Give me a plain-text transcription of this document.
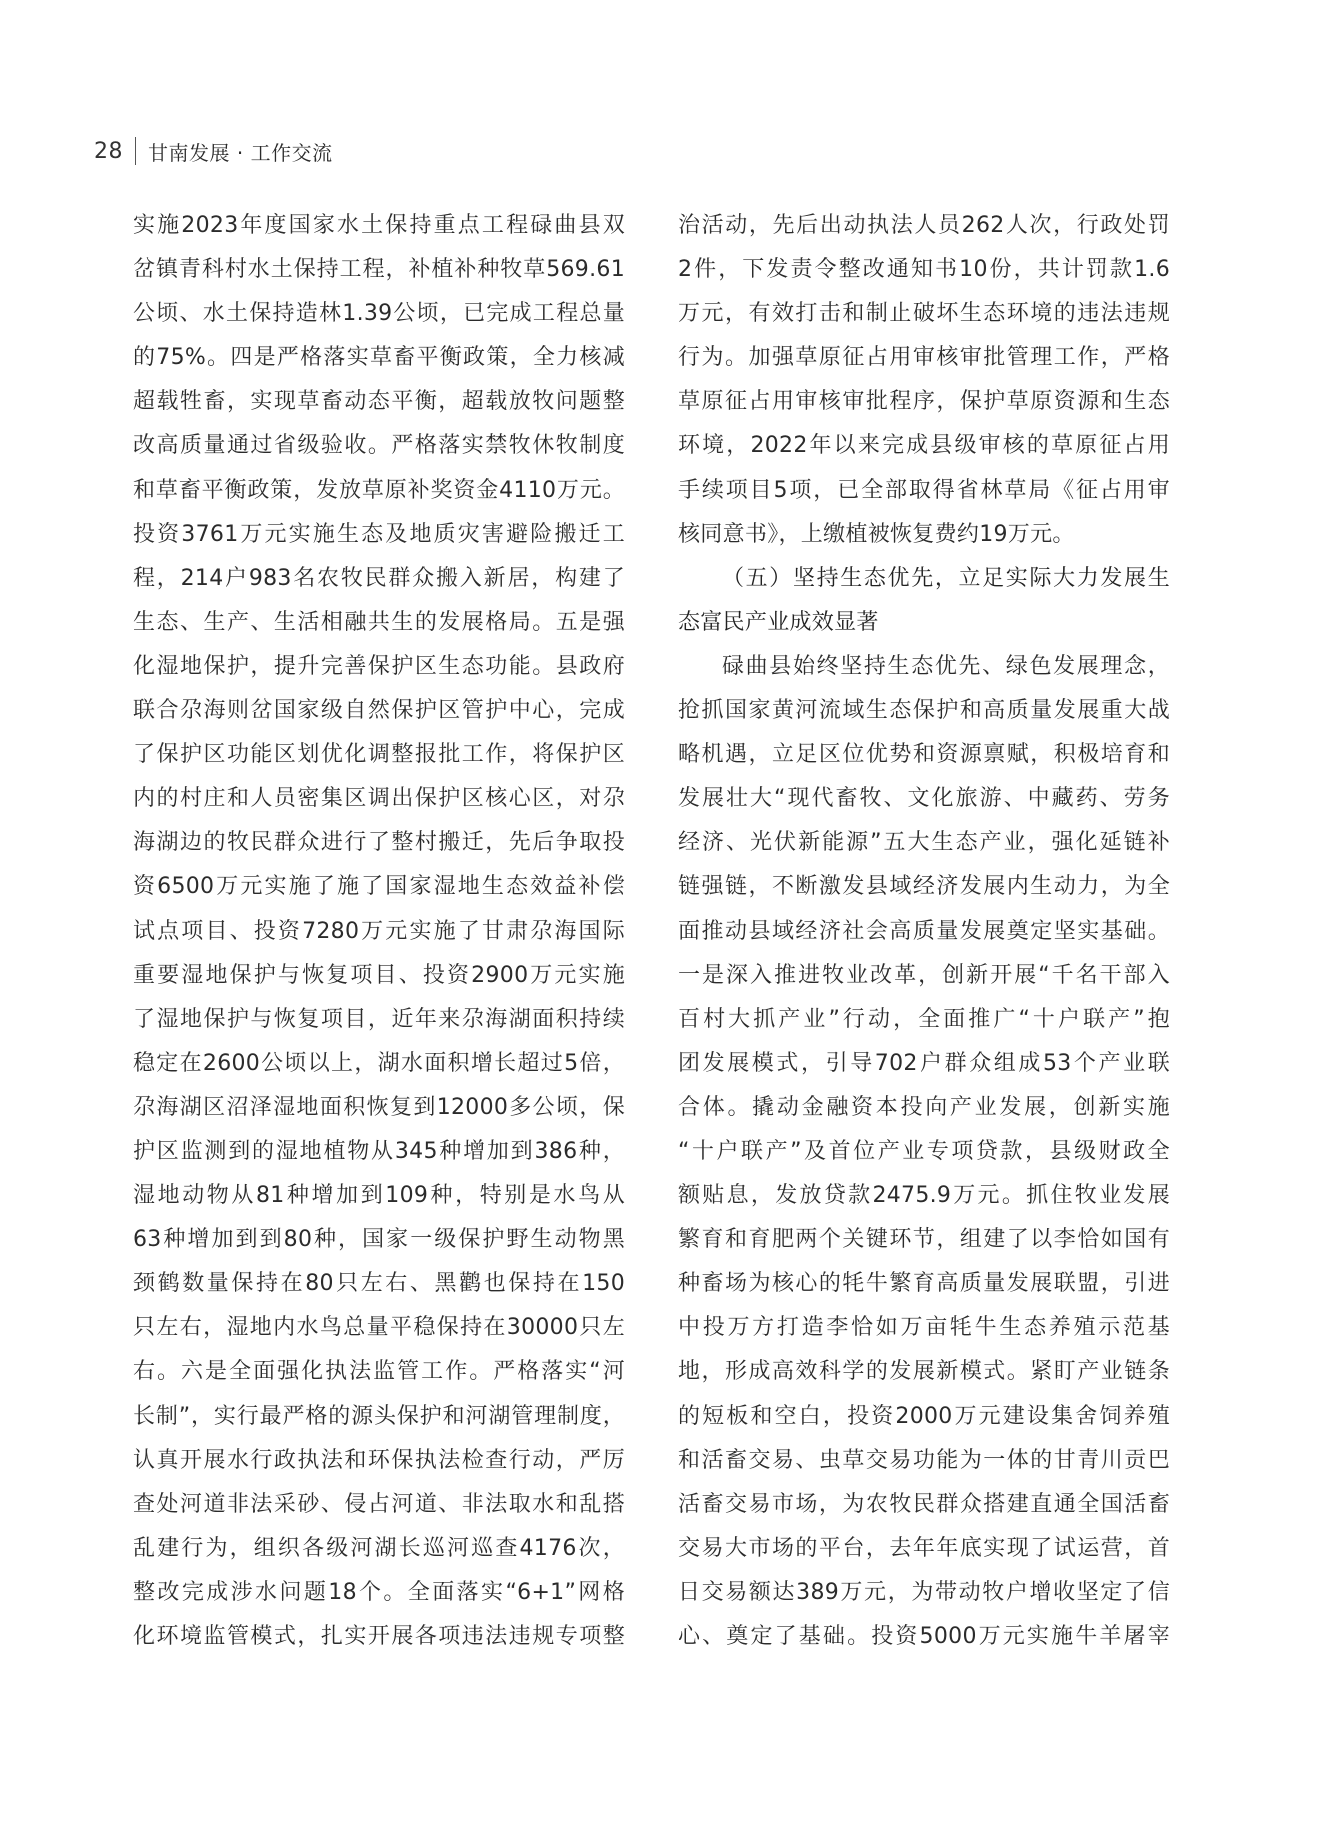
28 甘南发展 · 工作交流
实施2023年度国家水土保持重点工程碌曲县双
岔镇青科村水土保持工程，补植补种牧草569.61
公顷、水土保持造林1.39公顷，已完成工程总量
的75%。四是严格落实草畜平衡政策，全力核减
超载牲畜，实现草畜动态平衡，超载放牧问题整
改高质量通过省级验收。严格落实禁牧休牧制度
和草畜平衡政策，发放草原补奖资金4110万元。
投资3761万元实施生态及地质灾害避险搬迁工
程，214户983名农牧民群众搬入新居，构建了
生态、生产、生活相融共生的发展格局。五是强
化湿地保护，提升完善保护区生态功能。县政府
联合尕海则岔国家级自然保护区管护中心，完成
了保护区功能区划优化调整报批工作，将保护区
内的村庄和人员密集区调出保护区核心区，对尕
海湖边的牧民群众进行了整村搬迁，先后争取投
资6500万元实施了施了国家湿地生态效益补偿
试点项目、投资7280万元实施了甘肃尕海国际
重要湿地保护与恢复项目、投资2900万元实施
了湿地保护与恢复项目，近年来尕海湖面积持续
稳定在2600公顷以上，湖水面积增长超过5倍，
尕海湖区沼泽湿地面积恢复到12000多公顷，保
护区监测到的湿地植物从345种增加到386种，
湿地动物从81种增加到109种，特别是水鸟从
63种增加到到80种，国家一级保护野生动物黑
颈鹤数量保持在80只左右、黑鹳也保持在150
只左右，湿地内水鸟总量平稳保持在30000只左
右。六是全面强化执法监管工作。严格落实“河
长制”，实行最严格的源头保护和河湖管理制度，
认真开展水行政执法和环保执法检查行动，严厉
查处河道非法采砂、侵占河道、非法取水和乱搭
乱建行为，组织各级河湖长巡河巡查4176次，
整改完成涉水问题18个。全面落实“6+1”网格
化环境监管模式，扎实开展各项违法违规专项整
治活动，先后出动执法人员262人次，行政处罚
2件，下发责令整改通知书10份，共计罚款1.6
万元，有效打击和制止破坏生态环境的违法违规
行为。加强草原征占用审核审批管理工作，严格
草原征占用审核审批程序，保护草原资源和生态
环境，2022年以来完成县级审核的草原征占用
手续项目5项，已全部取得省林草局《征占用审
核同意书》，上缴植被恢复费约19万元。
（五）坚持生态优先，立足实际大力发展生
态富民产业成效显著
碌曲县始终坚持生态优先、绿色发展理念，
抢抓国家黄河流域生态保护和高质量发展重大战
略机遇，立足区位优势和资源禀赋，积极培育和
发展壮大“现代畜牧、文化旅游、中藏药、劳务
经济、光伏新能源”五大生态产业，强化延链补
链强链，不断激发县域经济发展内生动力，为全
面推动县域经济社会高质量发展奠定坚实基础。
一是深入推进牧业改革，创新开展“千名干部入
百村大抓产业”行动，全面推广“十户联产”抱
团发展模式，引导702户群众组成53个产业联
合体。撬动金融资本投向产业发展，创新实施
“十户联产”及首位产业专项贷款，县级财政全
额贴息，发放贷款2475.9万元。抓住牧业发展
繁育和育肥两个关键环节，组建了以李恰如国有
种畜场为核心的牦牛繁育高质量发展联盟，引进
中投万方打造李恰如万亩牦牛生态养殖示范基
地，形成高效科学的发展新模式。紧盯产业链条
的短板和空白，投资2000万元建设集舍饲养殖
和活畜交易、虫草交易功能为一体的甘青川贡巴
活畜交易市场，为农牧民群众搭建直通全国活畜
交易大市场的平台，去年年底实现了试运营，首
日交易额达389万元，为带动牧户增收坚定了信
心、奠定了基础。投资5000万元实施牛羊屠宰
